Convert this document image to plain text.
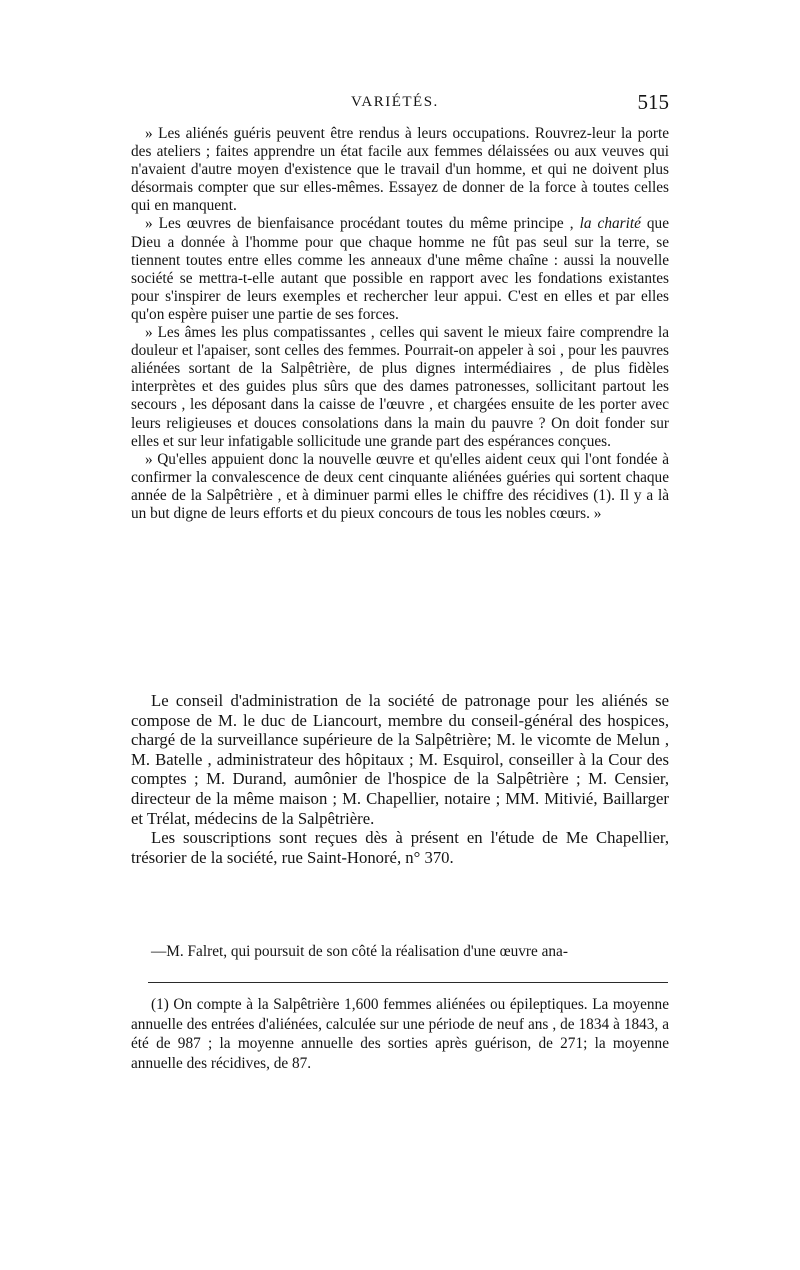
VARIÉTÉS.	515

» Les aliénés guéris peuvent être rendus à leurs occupations. Rouvrez-leur la porte des ateliers ; faites apprendre un état facile aux femmes délaissées ou aux veuves qui n'avaient d'autre moyen d'existence que le travail d'un homme, et qui ne doivent plus désormais compter que sur elles-mêmes. Essayez de donner de la force à toutes celles qui en manquent.

» Les œuvres de bienfaisance procédant toutes du même principe , la charité que Dieu a donnée à l'homme pour que chaque homme ne fût pas seul sur la terre, se tiennent toutes entre elles comme les anneaux d'une même chaîne : aussi la nouvelle société se mettra-t-elle autant que possible en rapport avec les fondations existantes pour s'inspirer de leurs exemples et rechercher leur appui. C'est en elles et par elles qu'on espère puiser une partie de ses forces.

» Les âmes les plus compatissantes , celles qui savent le mieux faire comprendre la douleur et l'apaiser, sont celles des femmes. Pourrait-on appeler à soi , pour les pauvres aliénées sortant de la Salpêtrière, de plus dignes intermédiaires , de plus fidèles interprètes et des guides plus sûrs que des dames patronesses, sollicitant partout les secours , les déposant dans la caisse de l'œuvre , et chargées ensuite de les porter avec leurs religieuses et douces consolations dans la main du pauvre ? On doit fonder sur elles et sur leur infatigable sollicitude une grande part des espérances conçues.

» Qu'elles appuient donc la nouvelle œuvre et qu'elles aident ceux qui l'ont fondée à confirmer la convalescence de deux cent cinquante aliénées guéries qui sortent chaque année de la Salpêtrière , et à diminuer parmi elles le chiffre des récidives (1). Il y a là un but digne de leurs efforts et du pieux concours de tous les nobles cœurs. »

Le conseil d'administration de la société de patronage pour les aliénés se compose de M. le duc de Liancourt, membre du conseil-général des hospices, chargé de la surveillance supérieure de la Salpêtrière; M. le vicomte de Melun , M. Batelle , administrateur des hôpitaux ; M. Esquirol, conseiller à la Cour des comptes ; M. Durand, aumônier de l'hospice de la Salpêtrière ; M. Censier, directeur de la même maison ; M. Chapellier, notaire ; MM. Mitivié, Baillarger et Trélat, médecins de la Salpêtrière.

Les souscriptions sont reçues dès à présent en l'étude de Me Chapellier, trésorier de la société, rue Saint-Honoré, n° 370.

—M. Falret, qui poursuit de son côté la réalisation d'une œuvre ana-

(1) On compte à la Salpêtrière 1,600 femmes aliénées ou épileptiques. La moyenne annuelle des entrées d'aliénées, calculée sur une période de neuf ans , de 1834 à 1843, a été de 987 ; la moyenne annuelle des sorties après guérison, de 271; la moyenne annuelle des récidives, de 87.
